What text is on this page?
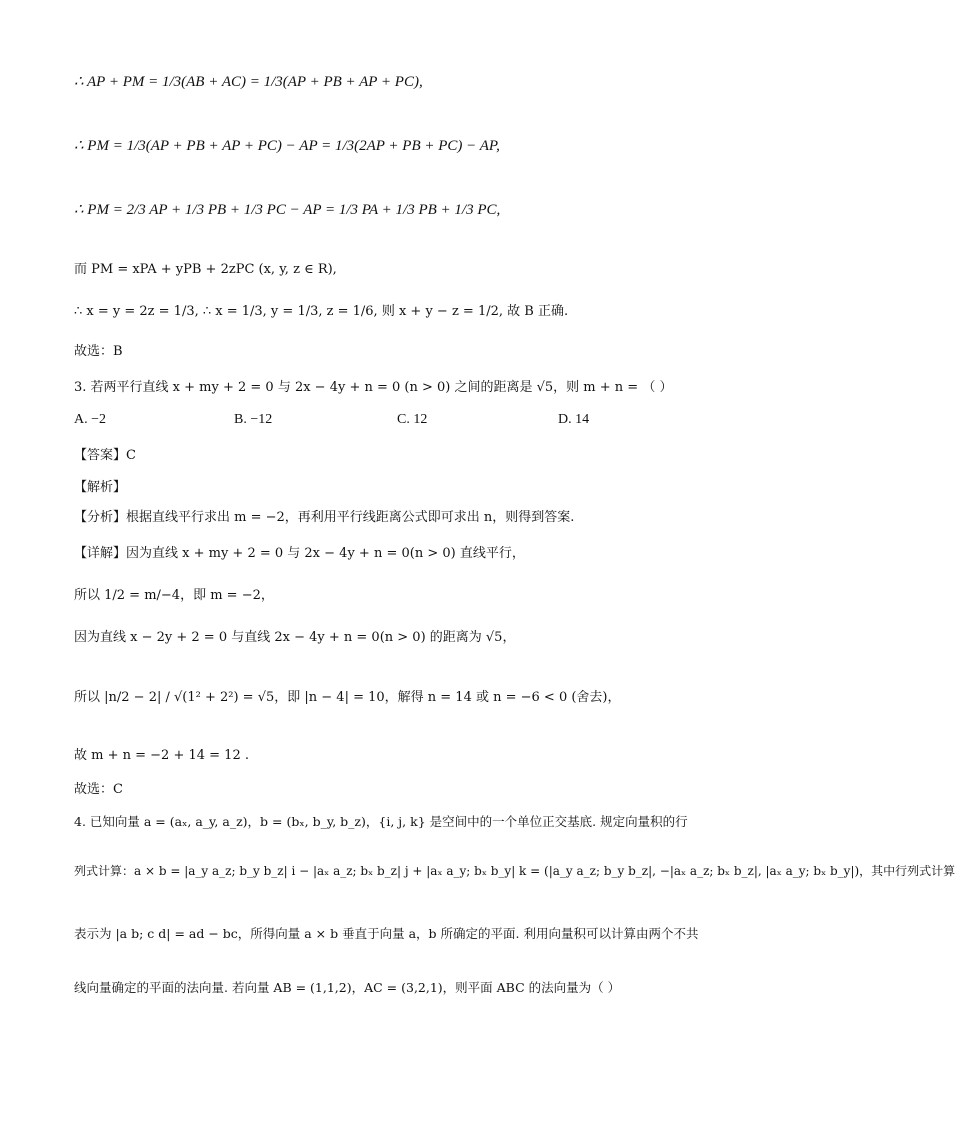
∴ AP + PM = 1/3(AB + AC) = 1/3(AP + PB + AP + PC),
∴ PM = 1/3(AP + PB + AP + PC) − AP = 1/3(2AP + PB + PC) − AP,
∴ PM = 2/3 AP + 1/3 PB + 1/3 PC − AP = 1/3 PA + 1/3 PB + 1/3 PC,
而 PM = xPA + yPB + 2zPC (x, y, z ∈ R),
∴ x = y = 2z = 1/3, ∴ x = 1/3, y = 1/3, z = 1/6, 则 x + y − z = 1/2, 故 B 正确.
故选：B
3. 若两平行直线 x + my + 2 = 0 与 2x − 4y + n = 0 (n > 0) 之间的距离是 √5，则 m + n = （ ）
A. −2	B. −12	C. 12	D. 14
【答案】C
【解析】
【分析】根据直线平行求出 m = −2，再利用平行线距离公式即可求出 n，则得到答案.
【详解】因为直线 x + my + 2 = 0 与 2x − 4y + n = 0(n > 0) 直线平行，
所以 1/2 = m/−4，即 m = −2，
因为直线 x − 2y + 2 = 0 与直线 2x − 4y + n = 0(n > 0) 的距离为 √5，
所以 |n/2 − 2| / √(1² + 2²) = √5，即 |n − 4| = 10，解得 n = 14 或 n = −6 < 0 (舍去)，
故 m + n = −2 + 14 = 12 .
故选：C
4. 已知向量 a = (aₓ, a_y, a_z)，b = (bₓ, b_y, b_z)，{i, j, k} 是空间中的一个单位正交基底. 规定向量积的行
列式计算：a × b = |a_y a_z; b_y b_z| i − |aₓ a_z; bₓ b_z| j + |aₓ a_y; bₓ b_y| k = (|a_y a_z; b_y b_z|, −|aₓ a_z; bₓ b_z|, |aₓ a_y; bₓ b_y|)，其中行列式计算
表示为 |a b; c d| = ad − bc，所得向量 a × b 垂直于向量 a，b 所确定的平面. 利用向量积可以计算由两个不共
线向量确定的平面的法向量. 若向量 AB = (1,1,2)，AC = (3,2,1)，则平面 ABC 的法向量为（ ）
